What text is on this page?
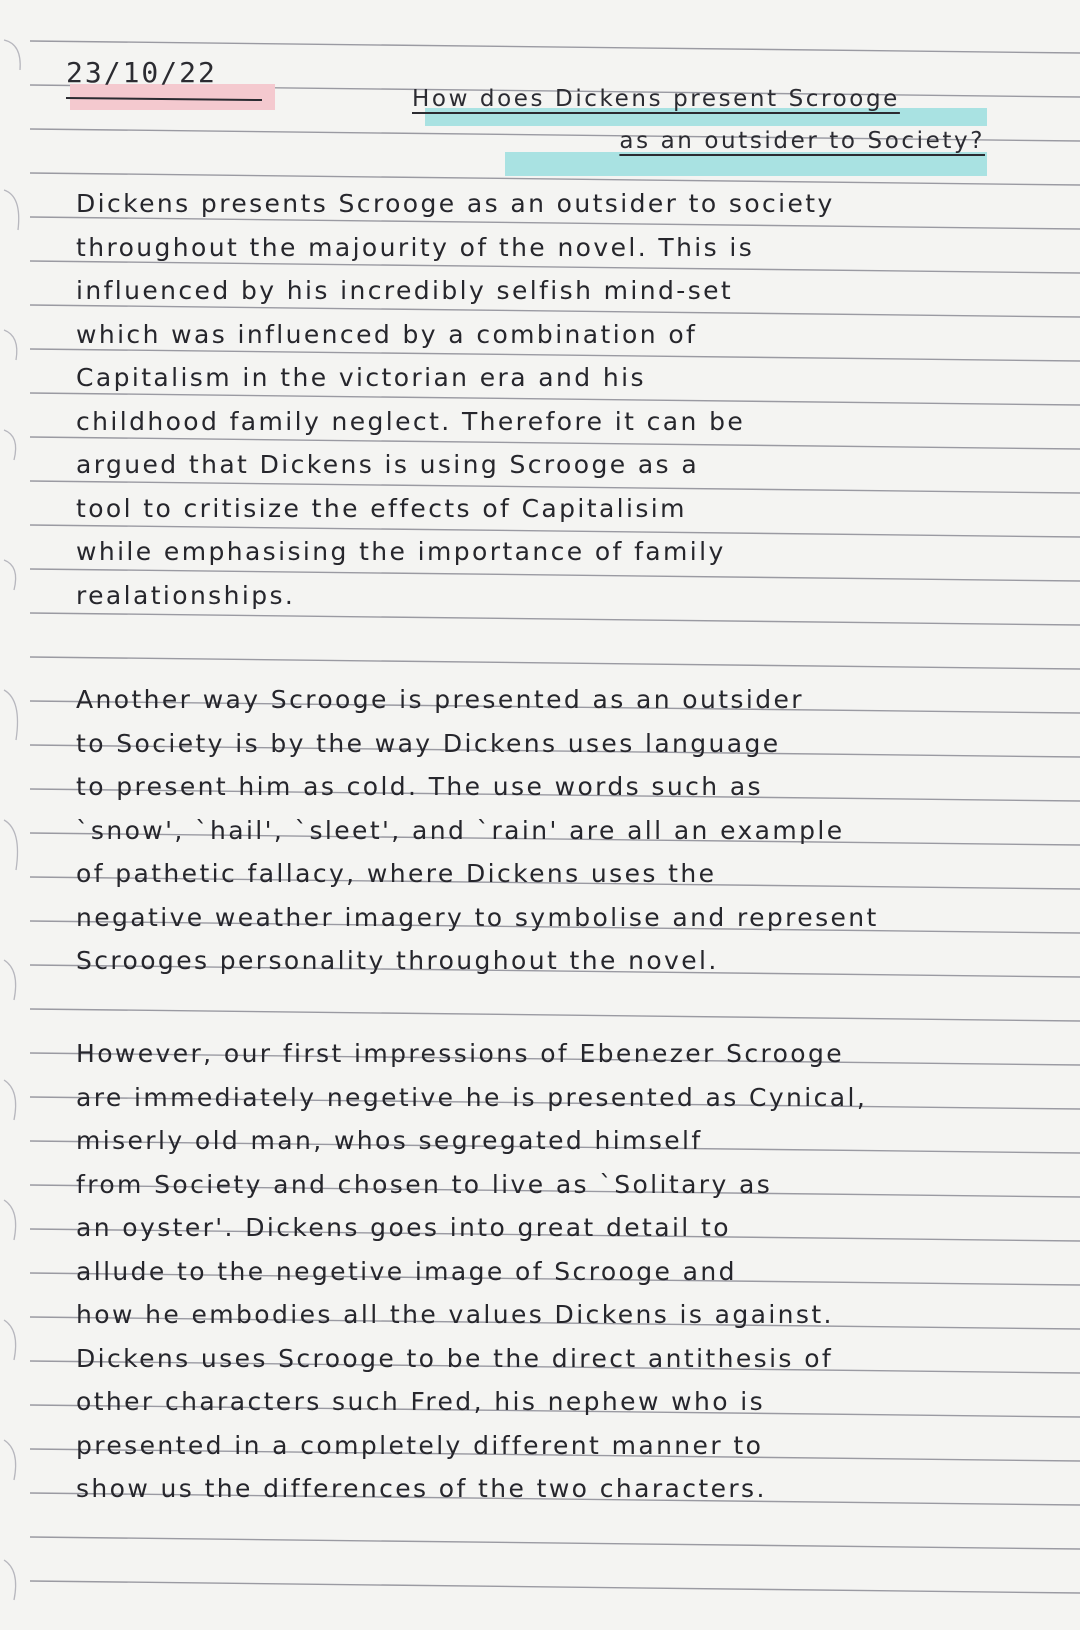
23/10/22
How does Dickens present Scrooge
as an outsider to Society?
Dickens presents Scrooge as an outsider to society
throughout the majourity of the novel. This is
influenced by his incredibly selfish mind-set
which was influenced by a combination of
Capitalism in the victorian era and his
childhood family neglect. Therefore it can be
argued that Dickens is using Scrooge as a
tool to critisize the effects of Capitalisim
while emphasising the importance of family
realationships.
Another way Scrooge is presented as an outsider
to Society is by the way Dickens uses language
to present him as cold. The use words such as
`snow', `hail', `sleet', and `rain' are all an example
of pathetic fallacy, where Dickens uses the
negative weather imagery to symbolise and represent
Scrooges personality throughout the novel.
However, our first impressions of Ebenezer Scrooge
are immediately negetive he is presented as Cynical,
miserly old man, whos segregated himself
from Society and chosen to live as `Solitary as
an oyster'. Dickens goes into great detail to
allude to the negetive image of Scrooge and
how he embodies all the values Dickens is against.
Dickens uses Scrooge to be the direct antithesis of
other characters such Fred, his nephew who is
presented in a completely different manner to
show us the differences of the two characters.
